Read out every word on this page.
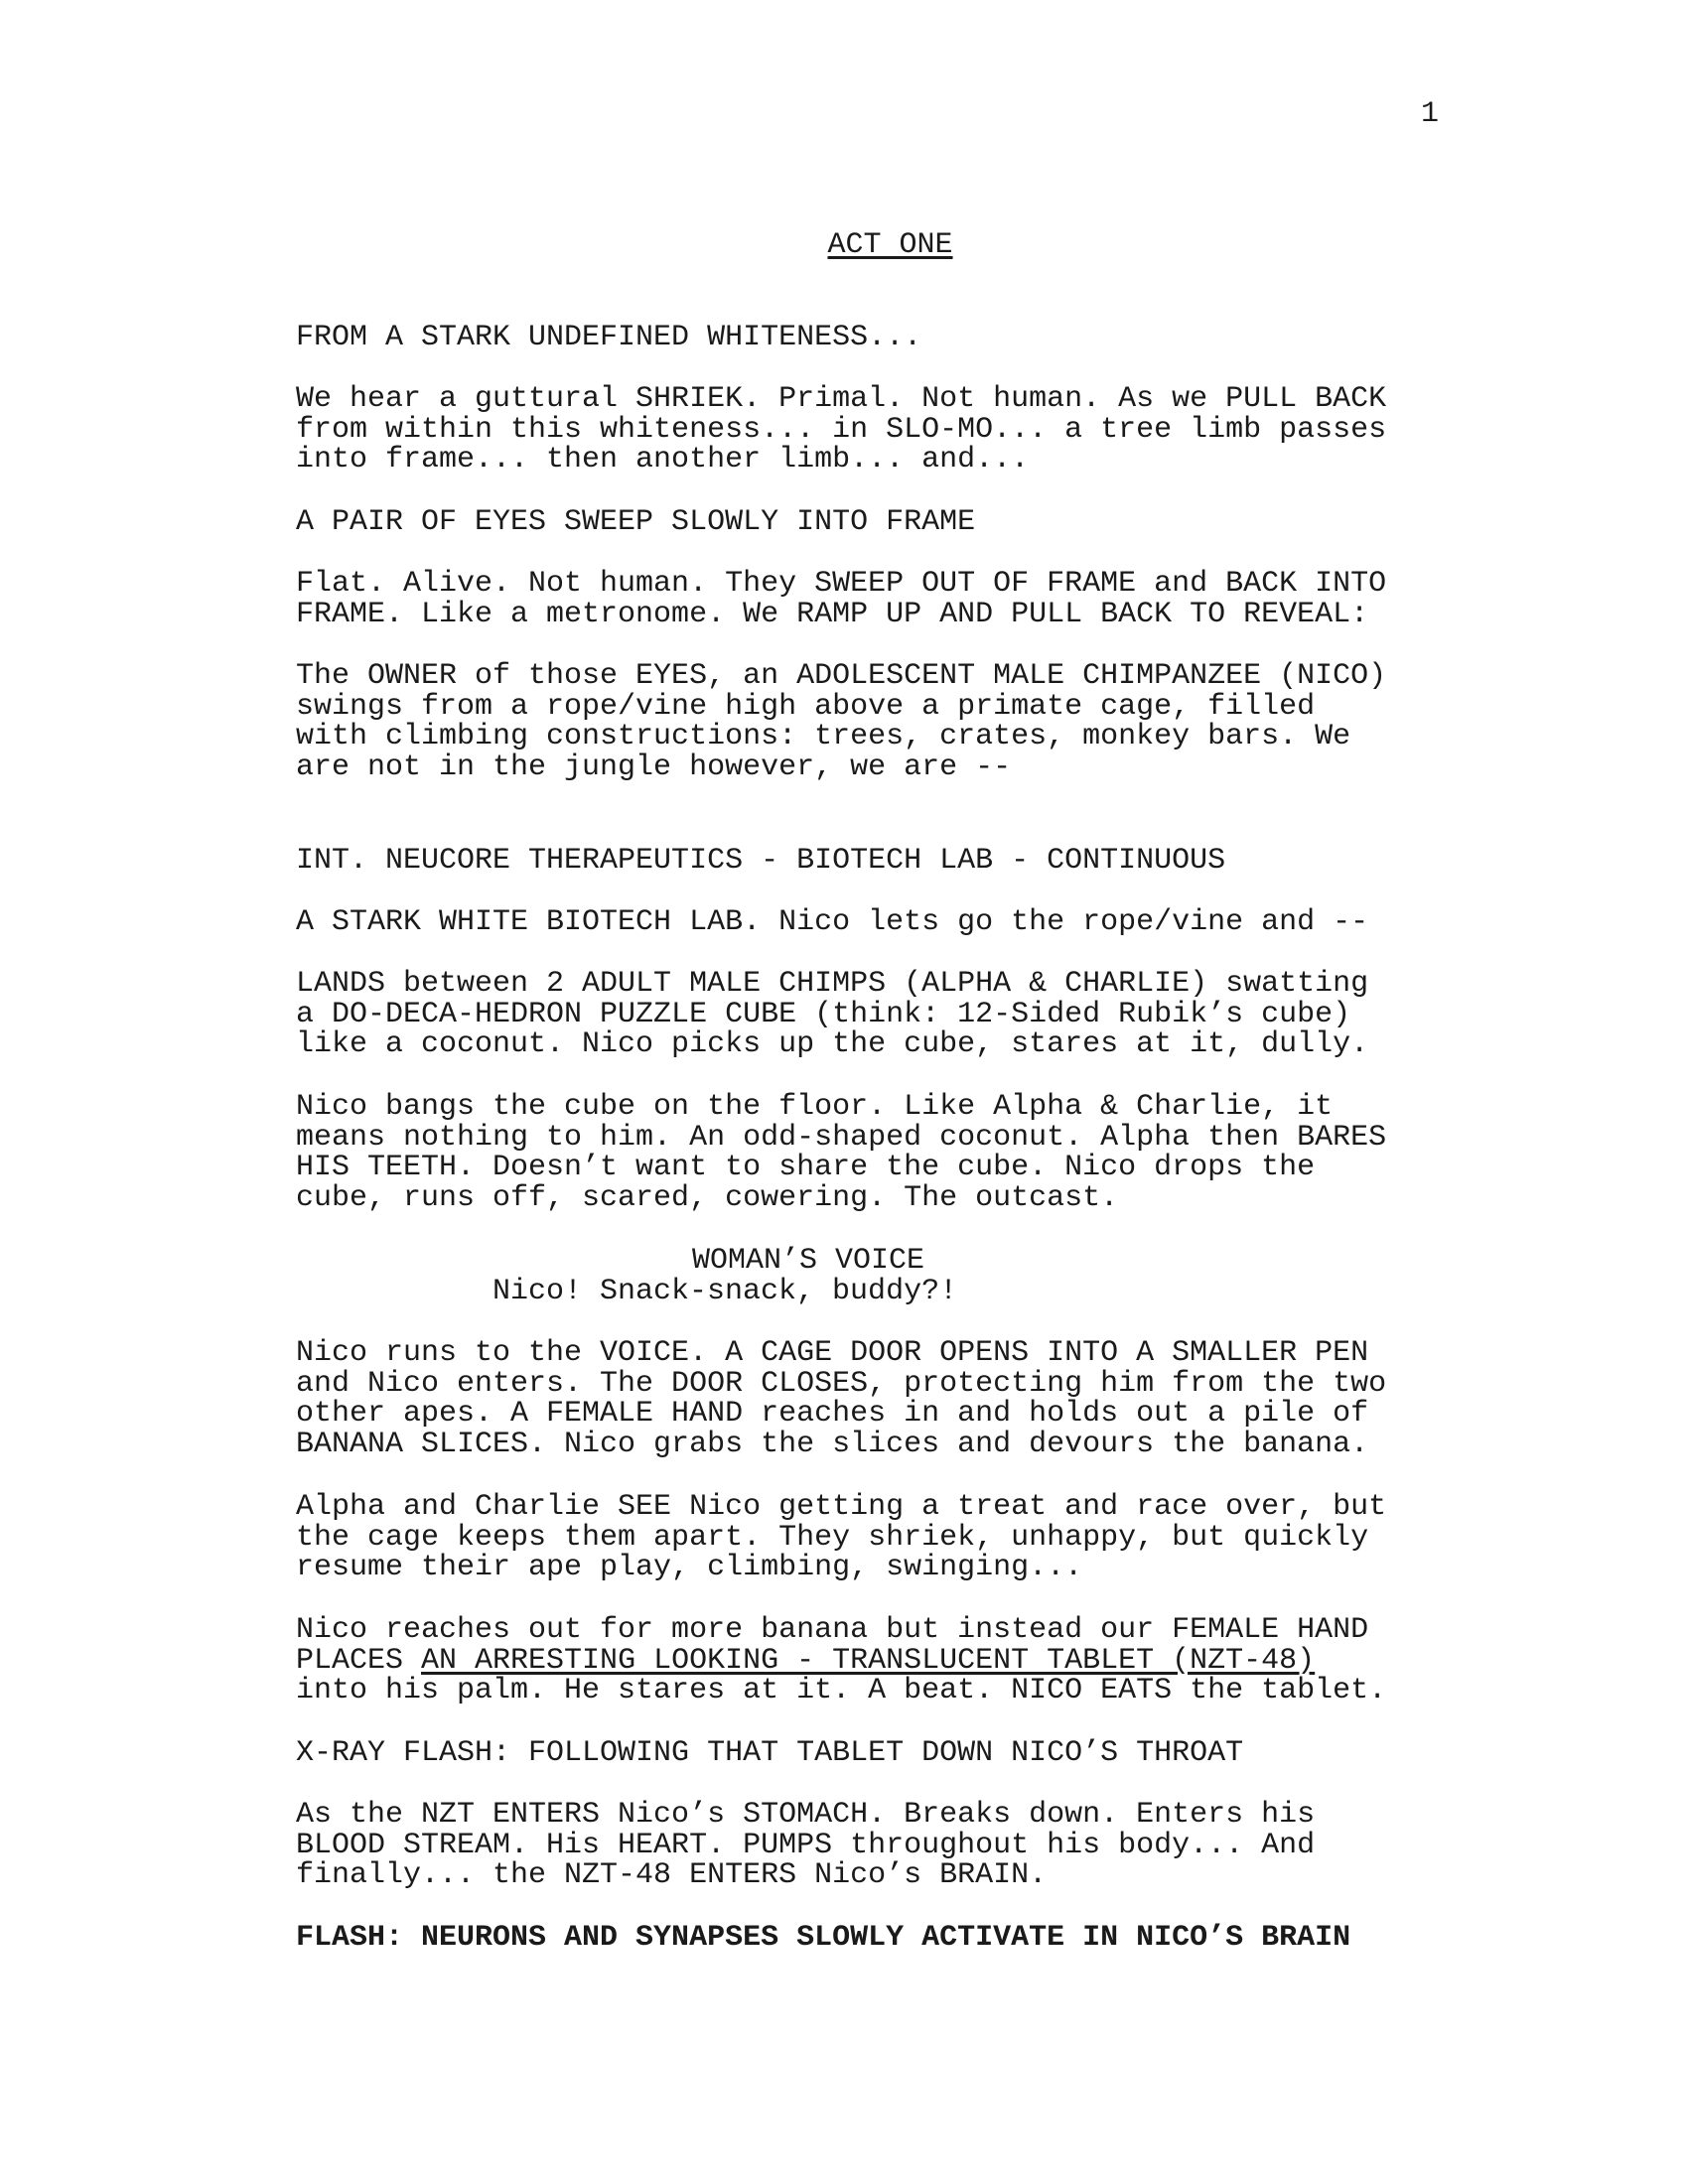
1
ACT ONE
FROM A STARK UNDEFINED WHITENESS...
We hear a guttural SHRIEK. Primal. Not human. As we PULL BACK
from within this whiteness... in SLO-MO... a tree limb passes
into frame... then another limb... and...
A PAIR OF EYES SWEEP SLOWLY INTO FRAME
Flat. Alive. Not human. They SWEEP OUT OF FRAME and BACK INTO
FRAME. Like a metronome. We RAMP UP AND PULL BACK TO REVEAL:
The OWNER of those EYES, an ADOLESCENT MALE CHIMPANZEE (NICO)
swings from a rope/vine high above a primate cage, filled
with climbing constructions: trees, crates, monkey bars. We
are not in the jungle however, we are --
INT. NEUCORE THERAPEUTICS - BIOTECH LAB - CONTINUOUS
A STARK WHITE BIOTECH LAB. Nico lets go the rope/vine and --
LANDS between 2 ADULT MALE CHIMPS (ALPHA & CHARLIE) swatting
a DO-DECA-HEDRON PUZZLE CUBE (think: 12-Sided Rubik’s cube)
like a coconut. Nico picks up the cube, stares at it, dully.
Nico bangs the cube on the floor. Like Alpha & Charlie, it
means nothing to him. An odd-shaped coconut. Alpha then BARES
HIS TEETH. Doesn’t want to share the cube. Nico drops the
cube, runs off, scared, cowering. The outcast.
WOMAN’S VOICE
Nico! Snack-snack, buddy?!
Nico runs to the VOICE. A CAGE DOOR OPENS INTO A SMALLER PEN
and Nico enters. The DOOR CLOSES, protecting him from the two
other apes. A FEMALE HAND reaches in and holds out a pile of
BANANA SLICES. Nico grabs the slices and devours the banana.
Alpha and Charlie SEE Nico getting a treat and race over, but
the cage keeps them apart. They shriek, unhappy, but quickly
resume their ape play, climbing, swinging...
Nico reaches out for more banana but instead our FEMALE HAND
PLACES AN ARRESTING LOOKING - TRANSLUCENT TABLET (NZT-48)
into his palm. He stares at it. A beat. NICO EATS the tablet.
X-RAY FLASH: FOLLOWING THAT TABLET DOWN NICO’S THROAT
As the NZT ENTERS Nico’s STOMACH. Breaks down. Enters his
BLOOD STREAM. His HEART. PUMPS throughout his body... And
finally... the NZT-48 ENTERS Nico’s BRAIN.
FLASH: NEURONS AND SYNAPSES SLOWLY ACTIVATE IN NICO’S BRAIN
